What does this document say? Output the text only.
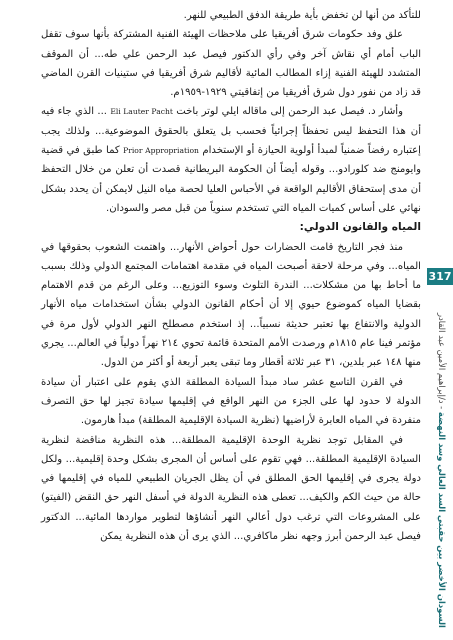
للتأكد من أنها لن تخفض بأية طريقة الدفق الطبيعي للنهر.

علق وفد حكومات شرق أفريقيا على ملاحظات الهيئة الفنية المشتركة بأنها سوف تقفل الباب أمام أي نقاش آخر وفي رأي الدكتور فيصل عبد الرحمن علي طه... أن الموقف المتشدد للهيئة الفنية إزاء المطالب المائية لأقاليم شرق أفريقيا في ستينيات القرن الماضي قد زاد من نفور دول شرق أفريقيا من إتفاقيتي ١٩٢٩-١٩٥٩م.

وأشار د. فيصل عبد الرحمن إلى ماقاله ايلي لوتر باخت Eli Lauter Pacht ... الذي جاء فيه أن هذا التحفظ ليس تحفظاً إجرائياً فحسب بل يتعلق بالحقوق الموضوعية... ولذلك يجب إعتباره رفضاً ضمنياً لمبدأ أولوية الحيازة أو الإستخدام Prior Appropriation كما طبق في قضية وايومنج ضد كلورادو... وقوله أيضاً أن الحكومة البريطانية قصدت أن تعلن من خلال التحفظ أن مدى إستحقاق الأقاليم الواقعة في الأحباس العليا لحصة مياه النيل لايمكن أن يحدد بشكل نهائي على أساس كميات المياه التي تستخدم سنوياً من قبل مصر والسودان.

المياه والقانون الدولي:

منذ فجر التاريخ قامت الحضارات حول أحواض الأنهار... واهتمت الشعوب بحقوقها في المياه... وفي مرحلة لاحقة أصبحت المياه في مقدمة اهتمامات المجتمع الدولي وذلك بسبب ما أحاط بها من مشكلات... الندرة التلوث وسوء التوزيع... وعلى الرغم من قدم الاهتمام بقضايا المياه كموضوع حيوي إلا أن أحكام القانون الدولي بشأن استخدامات مياه الأنهار الدولية والانتفاع بها تعتبر حديثة نسبياً... إذ استخدم مصطلح النهر الدولي لأول مرة في مؤتمر فينا عام ١٨١٥م ورصدت الأمم المتحدة قائمة تحوي ٢١٤ نهراً دولياً في العالم... يجري منها ١٤٨ عبر بلدين، ٣١ عبر ثلاثة أقطار وما تبقى يعبر أربعة أو أكثر من الدول.

في القرن التاسع عشر ساد مبدأ السيادة المطلقة الذي يقوم على اعتبار أن سيادة الدولة لا حدود لها على الجزء من النهر الواقع في إقليمها سيادة تجيز لها حق التصرف منفردة في المياه العابرة لأراضيها (نظرية السيادة الإقليمية المطلقة) مبدأ هارمون.

في المقابل توجد نظرية الوحدة الإقليمية المطلقة... هذه النظرية مناقضة لنظرية السيادة الإقليمية المطلقة... فهي تقوم على أساس أن المجرى بشكل وحدة إقليمية... ولكل دولة يجرى في إقليمها الحق المطلق في أن يظل الجريان الطبيعي للمياه في إقليمها في حالة من حيث الكم والكيف... تعطى هذه النظرية الدولة في أسفل النهر حق النقض (الفيتو) على المشروعات التي ترغب دول أعالي النهر أنشاؤها لتطوير مواردها المائية... الدكتور فيصل عبد الرحمن أبرز وجهه نظر ماكافري... الذي يرى أن هذه النظرية يمكن

317
السودان الأخضر بين حقبتي السد العالي وسد النهضة - د/إبراهيم الأمين عبد القادر
